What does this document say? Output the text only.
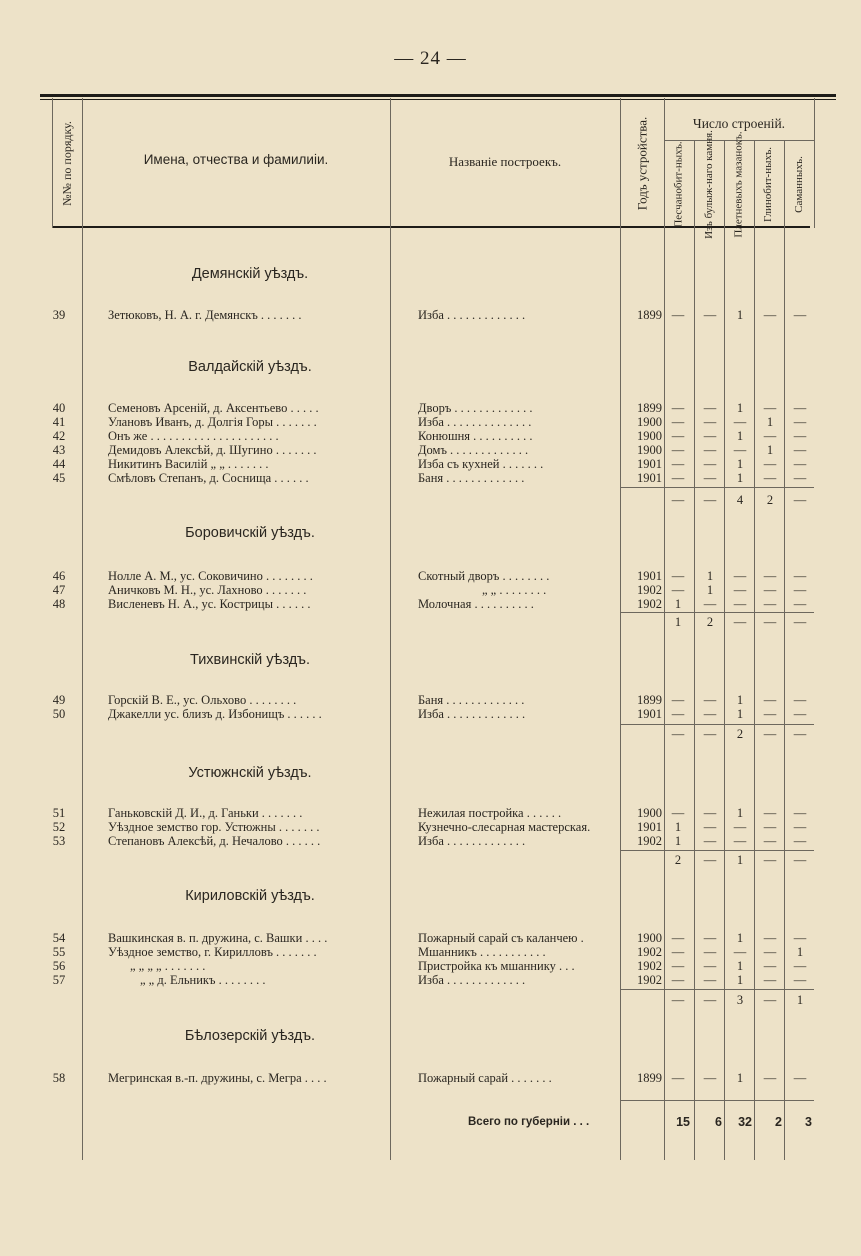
— 24 —
№№ по порядку.	Имена, отчества и фамилиіи.	Названіе построекъ.	Годъ устройства.	Число строеній.
Песчанобит-ныхъ. Изъ булыж-наго камня. Плетневыхъ мазанокъ. Глинобит-ныхъ. Саманныхъ.
Демянскій уѣздъ.
Валдайскій уѣздъ.
Боровичскій уѣздъ.
Тихвинскій уѣздъ.
Устюжнскій уѣздъ.
Кириловскій уѣздъ.
Бѣлозерскій уѣздъ.
39	Зетюковъ, Н. А. г. Демянскъ . . . . . . .	Изба . . . . . . . . . . . . .	1899 —	—	1	—	—
40	Семеновъ Арсеній, д. Аксентьево . . . . .	Дворъ . . . . . . . . . . . . .	1899 —	—	1	—	—
41	Улановъ Иванъ, д. Долгія Горы . . . . . . .	Изба . . . . . . . . . . . . . .	1900 —	—	—	1	—
42	Онъ же . . . . . . . . . . . . . . . . . . . . .	Конюшня . . . . . . . . . .	1900 —	—	1	—	—
43	Демидовъ Алексѣй, д. Шугино . . . . . . .	Домъ . . . . . . . . . . . . .	1900 —	—	—	1	—
44	Никитинъ Василій „ „ . . . . . . .	Изба съ кухней . . . . . . .	1901 —	—	1	—	—
45	Смѣловъ Степанъ, д. Соснища . . . . . .	Баня . . . . . . . . . . . . .	1901 —	—	1	—	—
—	—	4	2	—
46	Нолле А. М., ус. Соковичино . . . . . . . .	Скотный дворъ . . . . . . . .	1901 —	1	—	—	—
47	Аничковъ М. Н., ус. Лахново . . . . . . .	„ „ . . . . . . . .	1902 —	1	—	—	—
48	Висленевъ Н. А., ус. Кострицы . . . . . .	Молочная . . . . . . . . . .	1902	1	—	—	—	—
1	2	—	—	—
49	Горскій В. Е., ус. Ольхово . . . . . . . .	Баня . . . . . . . . . . . . .	1899 —	—	1	—	—
50	Джакелли ус. близъ д. Избонищъ . . . . . .	Изба . . . . . . . . . . . . .	1901 —	—	1	—	—
—	—	2	—	—
51	Ганьковскій Д. И., д. Ганьки . . . . . . .	Нежилая постройка . . . . . .	1900 —	—	1	—	—
52	Уѣздное земство гор. Устюжны . . . . . . .	Кузнечно-слесарная мастерская.	1901	1	—	—	—	—
53	Степановъ Алексѣй, д. Нечалово . . . . . .	Изба . . . . . . . . . . . . .	1902	1	—	—	—	—
2	—	1	—	—
54	Вашкинская в. п. дружина, с. Вашки . . . .	Пожарный сарай съ каланчею .	1900 —	—	1	—	—
55	Уѣздное земство, г. Кирилловъ . . . . . . .	Мшанникъ . . . . . . . . . . .	1902 —	—	—	—	1
56	„ „ „ „ . . . . . . .	Пристройка къ мшаннику . . .	1902 —	—	1	—	—
57	„ „ д. Ельникъ . . . . . . . .	Изба . . . . . . . . . . . . .	1902 —	—	1	—	—
—	—	3	—	1
58	Мегринская в.-п. дружины, с. Мегра . . . .	Пожарный сарай . . . . . . .	1899 —	—	1	—	—
Всего по губерніи . . .	15	6	32	2	3
